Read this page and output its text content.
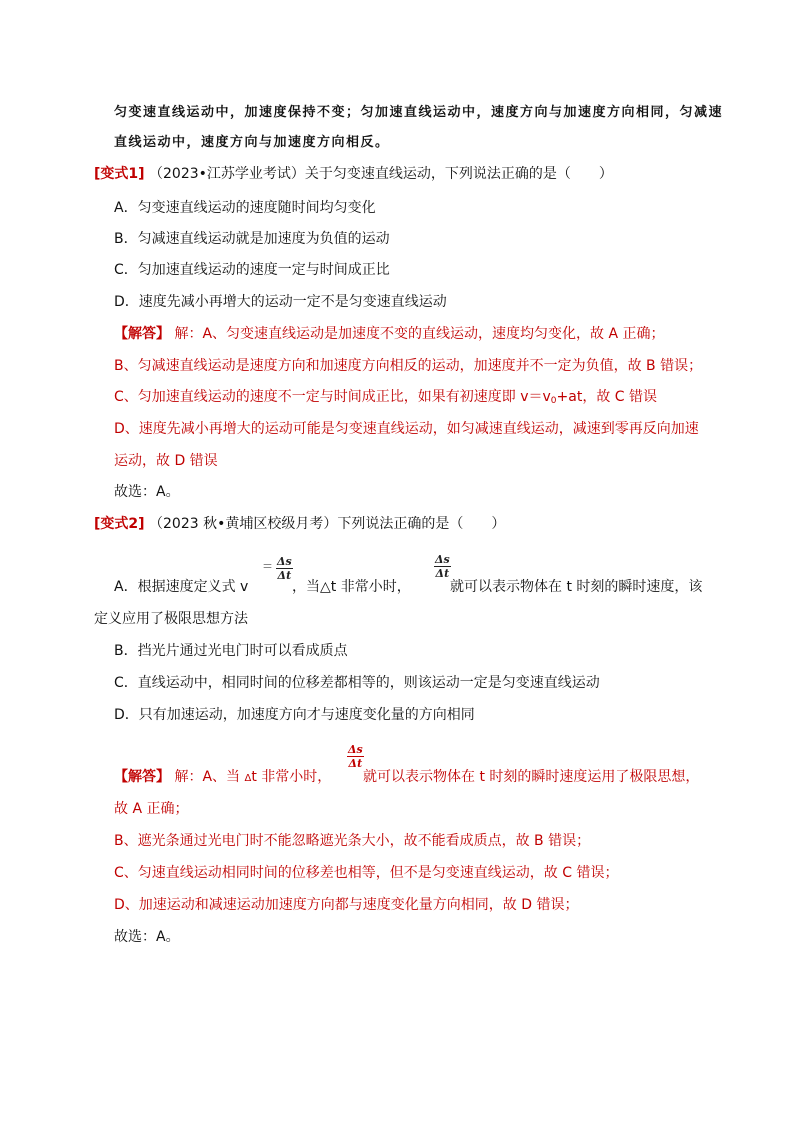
匀变速直线运动中，加速度保持不变；匀加速直线运动中，速度方向与加速度方向相同，匀减速
直线运动中，速度方向与加速度方向相反。
[变式1] （2023•江苏学业考试）关于匀变速直线运动，下列说法正确的是（　　）
A．匀变速直线运动的速度随时间均匀变化
B．匀减速直线运动就是加速度为负值的运动
C．匀加速直线运动的速度一定与时间成正比
D．速度先减小再增大的运动一定不是匀变速直线运动
【解答】 解：A、匀变速直线运动是加速度不变的直线运动，速度均匀变化，故 A 正确；
B、匀减速直线运动是速度方向和加速度方向相反的运动，加速度并不一定为负值，故 B 错误；
C、匀加速直线运动的速度不一定与时间成正比，如果有初速度即 $v=v_0+at$，故 C 错误
D、速度先减小再增大的运动可能是匀变速直线运动，如匀减速直线运动，减速到零再反向加速
运动，故 D 错误
故选：A。
[变式2] （2023 秋•黄埔区校级月考）下列说法正确的是（　　）
A．根据速度定义式 v
＝ $\frac{\Delta s}{\Delta t}$
，当△t 非常小时，
$\frac{\Delta s}{\Delta t}$
就可以表示物体在 t 时刻的瞬时速度，该
定义应用了极限思想方法
B．挡光片通过光电门时可以看成质点
C．直线运动中，相同时间的位移差都相等的，则该运动一定是匀变速直线运动
D．只有加速运动，加速度方向才与速度变化量的方向相同
【解答】 解：A、当 Δt 非常小时，
$\frac{\Delta s}{\Delta t}$
就可以表示物体在 t 时刻的瞬时速度运用了极限思想，
故 A 正确；
B、遮光条通过光电门时不能忽略遮光条大小，故不能看成质点，故 B 错误；
C、匀速直线运动相同时间的位移差也相等，但不是匀变速直线运动，故 C 错误；
D、加速运动和减速运动加速度方向都与速度变化量方向相同，故 D 错误；
故选：A。
